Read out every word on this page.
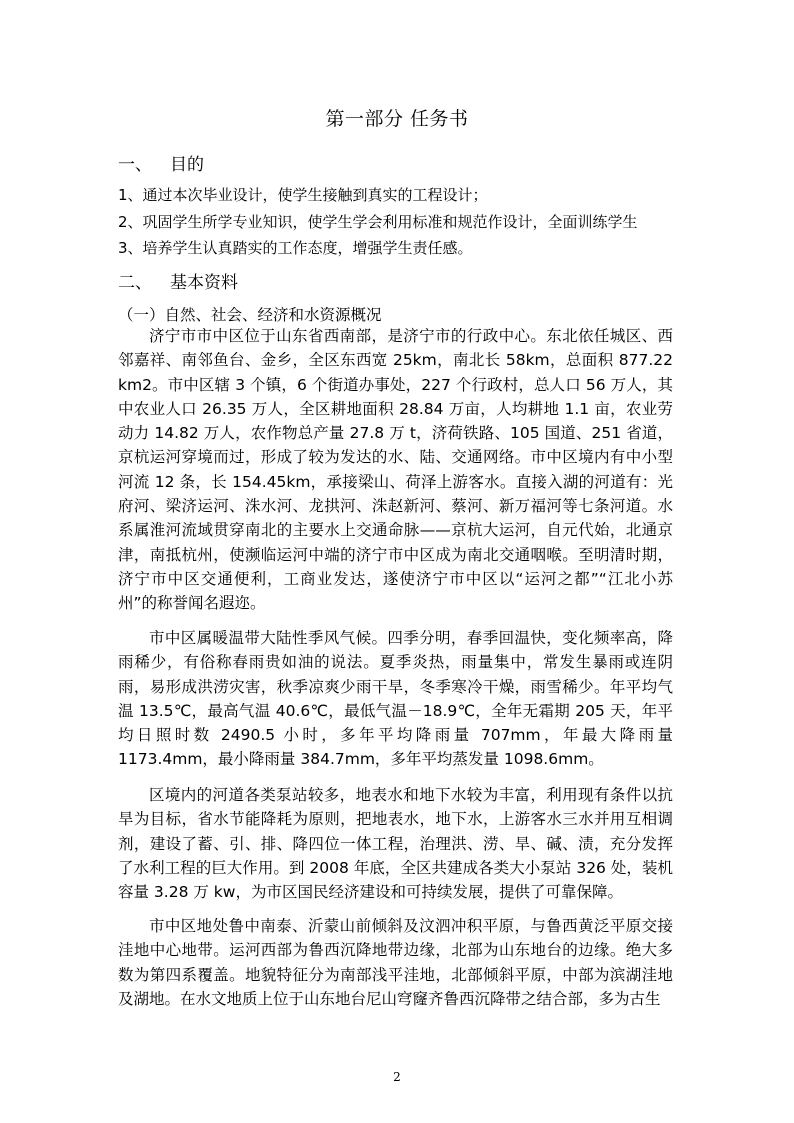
第一部分 任务书
一、 目的
1、通过本次毕业设计，使学生接触到真实的工程设计；
2、巩固学生所学专业知识，使学生学会利用标准和规范作设计，全面训练学生
3、培养学生认真踏实的工作态度，增强学生责任感。
二、 基本资料
（一）自然、社会、经济和水资源概况

济宁市市中区位于山东省西南部，是济宁市的行政中心。东北依任城区、西邻嘉祥、南邻鱼台、金乡，全区东西宽 25km，南北长 58km，总面积 877.22 km2。市中区辖 3 个镇，6 个街道办事处，227 个行政村，总人口 56 万人，其中农业人口 26.35 万人，全区耕地面积 28.84 万亩，人均耕地 1.1 亩，农业劳动力 14.82 万人，农作物总产量 27.8 万 t，济荷铁路、105 国道、251 省道，京杭运河穿境而过，形成了较为发达的水、陆、交通网络。市中区境内有中小型河流 12 条，长 154.45km，承接梁山、荷泽上游客水。直接入湖的河道有：光府河、梁济运河、洙水河、龙拱河、洙赵新河、蔡河、新万福河等七条河道。水系属淮河流域贯穿南北的主要水上交通命脉——京杭大运河，自元代始，北通京津，南抵杭州，使濒临运河中端的济宁市中区成为南北交通咽喉。至明清时期，济宁市中区交通便利，工商业发达，遂使济宁市中区以“运河之都”“江北小苏州”的称誉闻名遐迩。

市中区属暖温带大陆性季风气候。四季分明，春季回温快，变化频率高，降雨稀少，有俗称春雨贵如油的说法。夏季炎热，雨量集中，常发生暴雨或连阴雨，易形成洪涝灾害，秋季凉爽少雨干旱，冬季寒冷干燥，雨雪稀少。年平均气温 13.5℃，最高气温 40.6℃，最低气温－18.9℃，全年无霜期 205 天，年平均日照时数 2490.5 小时，多年平均降雨量 707mm，年最大降雨量 1173.4mm，最小降雨量 384.7mm，多年平均蒸发量 1098.6mm。

区境内的河道各类泵站较多，地表水和地下水较为丰富，利用现有条件以抗旱为目标，省水节能降耗为原则，把地表水，地下水，上游客水三水并用互相调剂，建设了蓄、引、排、降四位一体工程，治理洪、涝、旱、碱、渍，充分发挥了水利工程的巨大作用。到 2008 年底，全区共建成各类大小泵站 326 处，装机容量 3.28 万 kw，为市区国民经济建设和可持续发展，提供了可靠保障。

市中区地处鲁中南泰、沂蒙山前倾斜及汶泗冲积平原，与鲁西黄泛平原交接洼地中心地带。运河西部为鲁西沉降地带边缘，北部为山东地台的边缘。绝大多数为第四系覆盖。地貌特征分为南部浅平洼地，北部倾斜平原，中部为滨湖洼地及湖地。在水文地质上位于山东地台尼山穹窿齐鲁西沉降带之结合部，多为古生

2
